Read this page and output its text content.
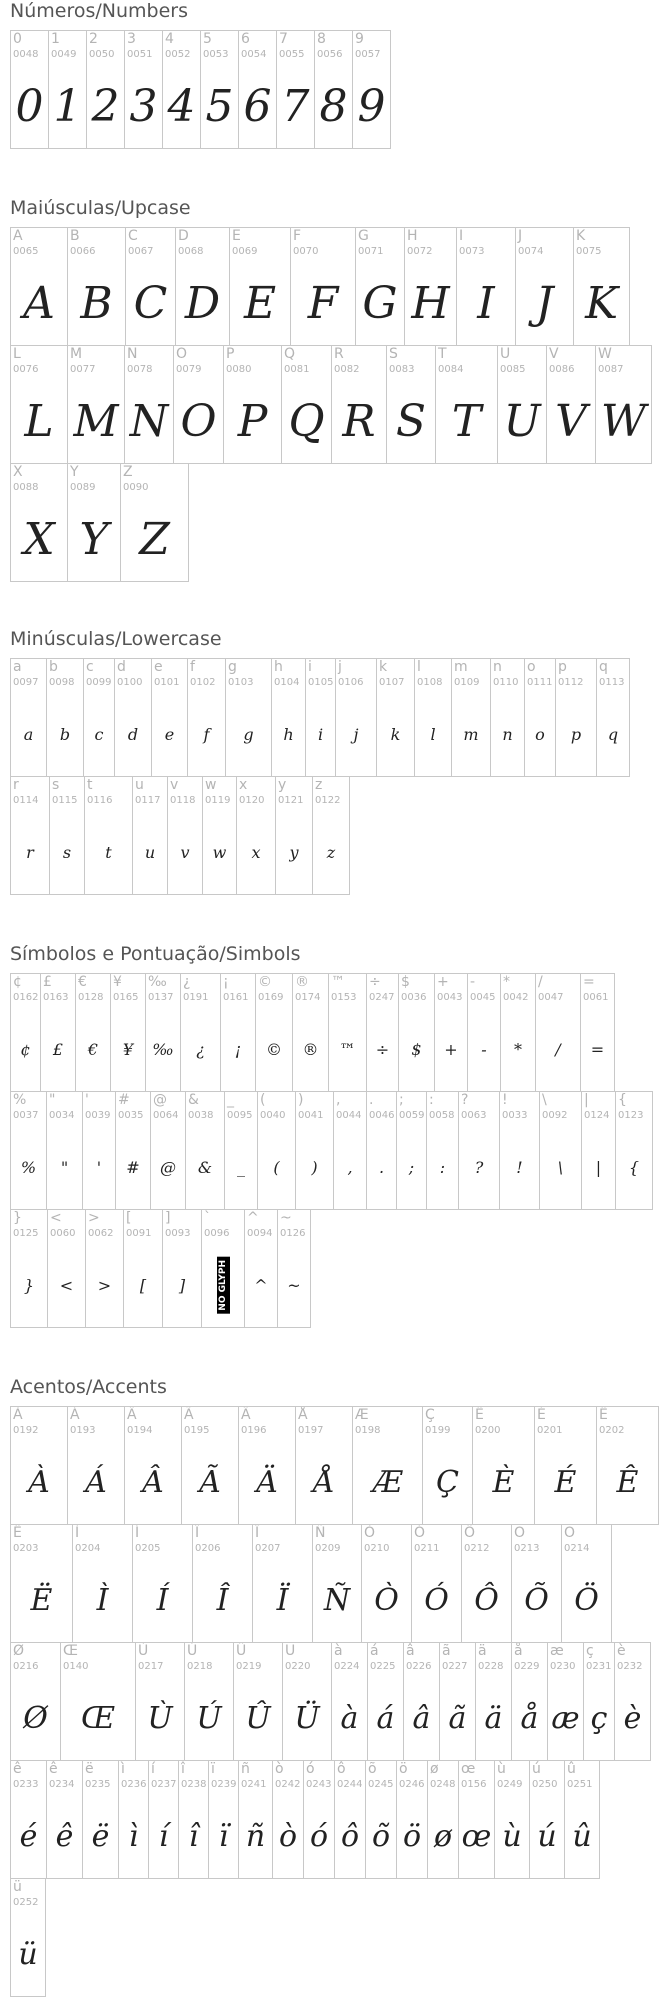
Números/Numbers
0
0048
0
1
0049
1
2
0050
2
3
0051
3
4
0052
4
5
0053
5
6
0054
6
7
0055
7
8
0056
8
9
0057
9
Maiúsculas/Upcase
A
0065
A
B
0066
B
C
0067
C
D
0068
D
E
0069
E
F
0070
F
G
0071
G
H
0072
H
I
0073
I
J
0074
J
K
0075
K
L
0076
L
M
0077
M
N
0078
N
O
0079
O
P
0080
P
Q
0081
Q
R
0082
R
S
0083
S
T
0084
T
U
0085
U
V
0086
V
W
0087
W
X
0088
X
Y
0089
Y
Z
0090
Z
Minúsculas/Lowercase
a
0097
a
b
0098
b
c
0099
c
d
0100
d
e
0101
e
f
0102
f
g
0103
g
h
0104
h
i
0105
i
j
0106
j
k
0107
k
l
0108
l
m
0109
m
n
0110
n
o
0111
o
p
0112
p
q
0113
q
r
0114
r
s
0115
s
t
0116
t
u
0117
u
v
0118
v
w
0119
w
x
0120
x
y
0121
y
z
0122
z
Símbolos e Pontuação/Simbols
¢
0162
¢
£
0163
£
€
0128
€
¥
0165
¥
‰
0137
‰
¿
0191
¿
¡
0161
¡
©
0169
©
®
0174
®
™
0153
™
÷
0247
÷
$
0036
$
+
0043
+
-
0045
-
*
0042
*
/
0047
/
=
0061
=
%
0037
%
"
0034
"
'
0039
'
#
0035
#
@
0064
@
&
0038
&
_
0095
_
(
0040
(
)
0041
)
,
0044
,
.
0046
.
;
0059
;
:
0058
:
?
0063
?
!
0033
!
\
0092
\
|
0124
|
{
0123
{
}
0125
}
<
0060
<
>
0062
>
[
0091
[
]
0093
]
`
0096
NO GLYPH
^
0094
^
~
0126
~
Acentos/Accents
À
0192
À
Á
0193
Á
Â
0194
Â
Ã
0195
Ã
Ä
0196
Ä
Å
0197
Å
Æ
0198
Æ
Ç
0199
Ç
Ê
0200
È
É
0201
É
Ê
0202
Ê
Ë
0203
Ë
Ì
0204
Ì
Í
0205
Í
Î
0206
Î
Ï
0207
Ï
Ñ
0209
Ñ
Ò
0210
Ò
Ó
0211
Ó
Ô
0212
Ô
Õ
0213
Õ
Ö
0214
Ö
Ø
0216
Ø
Œ
0140
Œ
Ù
0217
Ù
Ú
0218
Ú
Û
0219
Û
Ü
0220
Ü
à
0224
à
á
0225
á
â
0226
â
ã
0227
ã
ä
0228
ä
å
0229
å
æ
0230
æ
ç
0231
ç
è
0232
è
ê
0233
é
ê
0234
ê
ë
0235
ë
ì
0236
ì
í
0237
í
î
0238
î
ï
0239
ï
ñ
0241
ñ
ò
0242
ò
ó
0243
ó
ô
0244
ô
õ
0245
õ
ö
0246
ö
ø
0248
ø
œ
0156
œ
ù
0249
ù
ú
0250
ú
û
0251
û
ü
0252
ü
